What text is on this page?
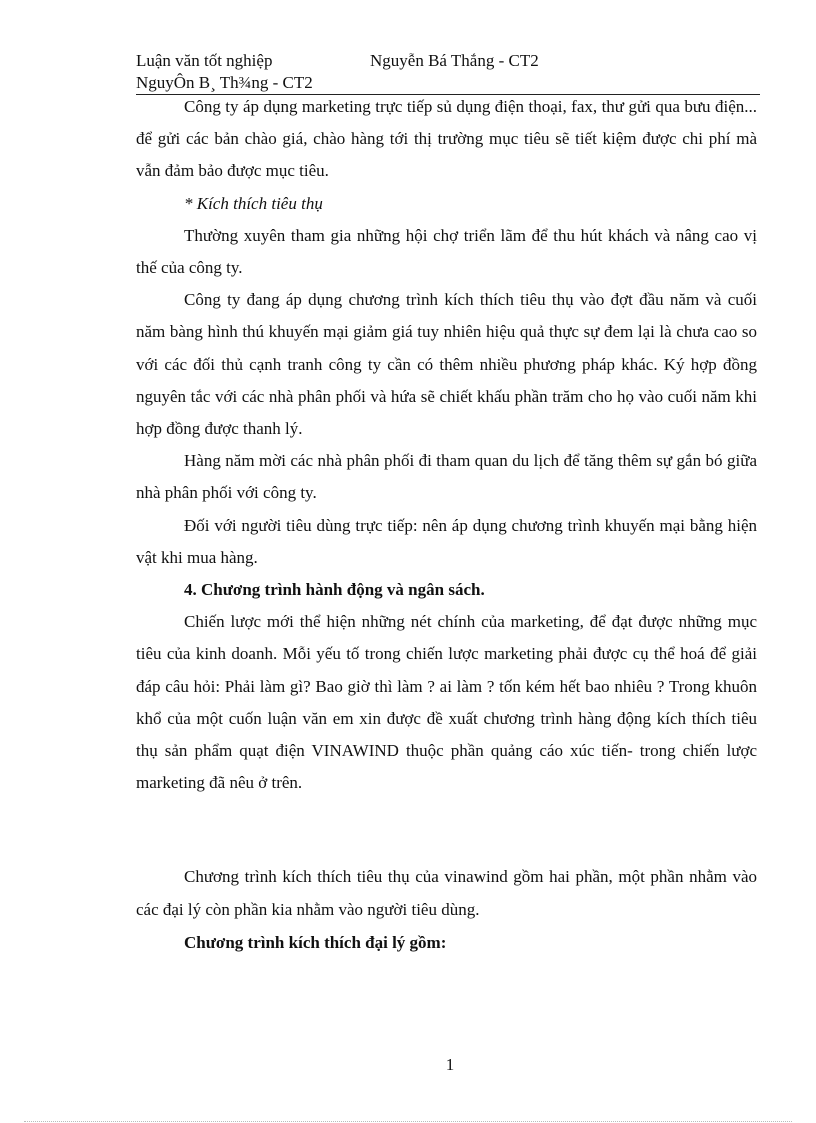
Luận văn tốt nghiệp	Nguyễn Bá Thắng - CT2
NguyÔn B¸ Th¾ng - CT2

Công ty áp dụng marketing trực tiếp sủ dụng điện thoại, fax, thư gửi qua bưu điện... để gửi các bản chào giá, chào hàng tới thị trường mục tiêu sẽ tiết kiệm được chi phí mà vẫn đảm bảo được mục tiêu.

* Kích thích tiêu thụ

Thường xuyên tham gia những hội chợ triển lãm để thu hút khách và nâng cao vị thế của công ty.

Công ty đang áp dụng chương trình kích thích tiêu thụ vào đợt đầu năm và cuối năm bàng hình thú khuyến mại giảm giá tuy nhiên hiệu quả thực sự đem lại là chưa cao so với các đối thủ cạnh tranh công ty cần có thêm nhiều phương pháp khác. Ký hợp đồng nguyên tắc với các nhà phân phối và hứa sẽ chiết khấu phần trăm cho họ vào cuối năm khi hợp đồng được thanh lý.

Hàng năm mời các nhà phân phối đi tham quan du lịch để tăng thêm sự gắn bó giữa nhà phân phối với công ty.

Đối với người tiêu dùng trực tiếp: nên áp dụng chương trình khuyến mại bằng hiện vật khi mua hàng.

4. Chương trình hành động và ngân sách.

Chiến lược mới thể hiện những nét chính của marketing, để đạt được những mục tiêu của kinh doanh. Mỗi yếu tố trong chiến lược marketing phải được cụ thể hoá để giải đáp câu hỏi: Phải làm gì? Bao giờ thì làm ? ai làm ? tốn kém hết bao nhiêu ? Trong khuôn khổ của một cuốn luận văn em xin được đề xuất chương trình hàng động kích thích tiêu thụ sản phẩm quạt điện VINAWIND thuộc phần quảng cáo xúc tiến- trong chiến lược marketing đã nêu ở trên.

Chương trình kích thích tiêu thụ của vinawind gồm hai phần, một phần nhằm vào các đại lý còn phần kia nhằm vào người tiêu dùng.

Chương trình kích thích đại lý gồm:

1
